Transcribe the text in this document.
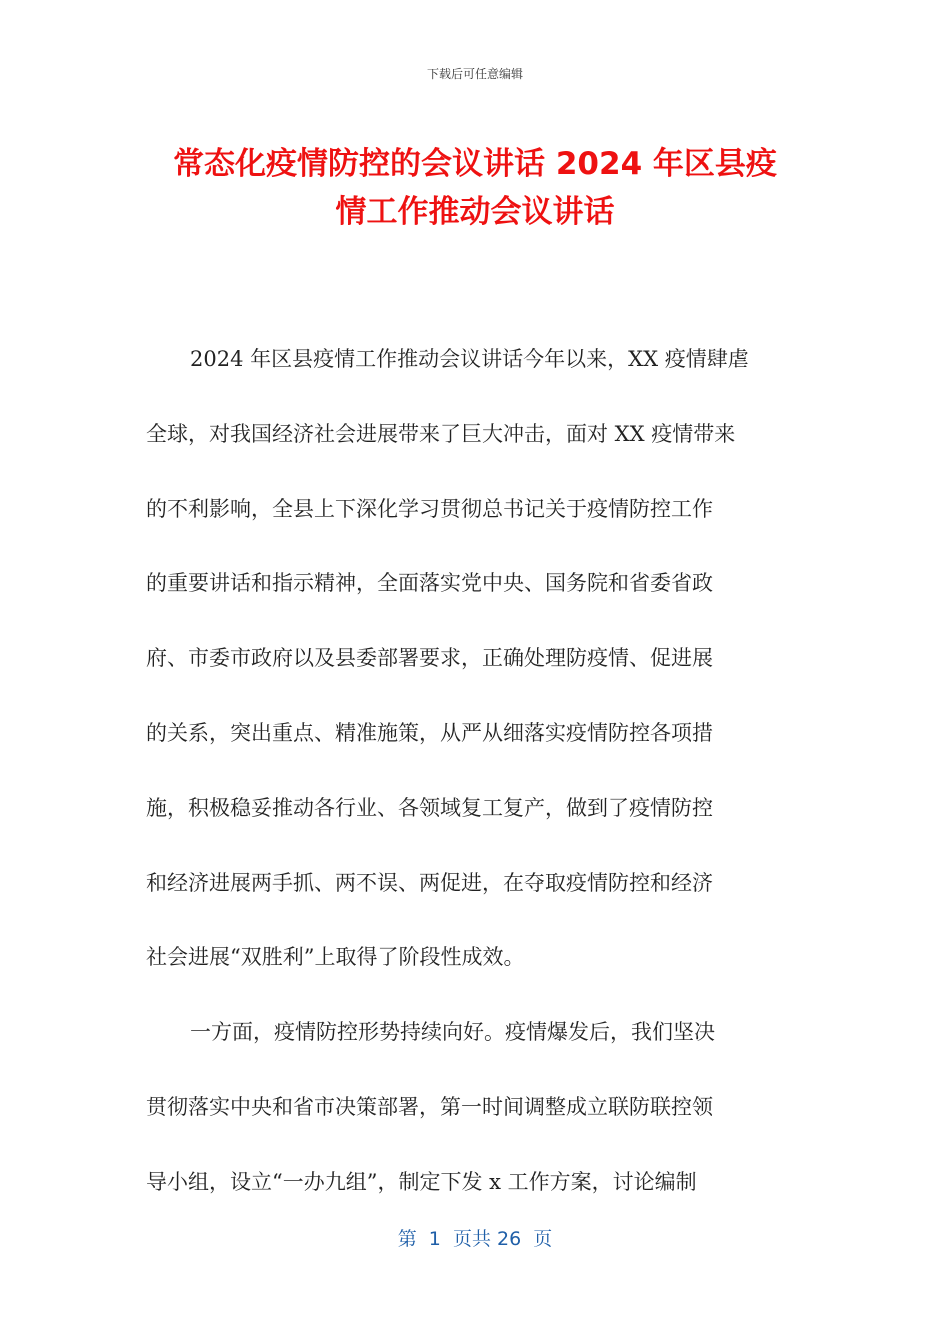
下载后可任意编辑
常态化疫情防控的会议讲话 2024 年区县疫
情工作推动会议讲话
2024 年区县疫情工作推动会议讲话今年以来，XX 疫情肆虐
全球，对我国经济社会进展带来了巨大冲击，面对 XX 疫情带来
的不利影响，全县上下深化学习贯彻总书记关于疫情防控工作
的重要讲话和指示精神，全面落实党中央、国务院和省委省政
府、市委市政府以及县委部署要求，正确处理防疫情、促进展
的关系，突出重点、精准施策，从严从细落实疫情防控各项措
施，积极稳妥推动各行业、各领域复工复产，做到了疫情防控
和经济进展两手抓、两不误、两促进，在夺取疫情防控和经济
社会进展“双胜利”上取得了阶段性成效。
一方面，疫情防控形势持续向好。疫情爆发后，我们坚决
贯彻落实中央和省市决策部署，第一时间调整成立联防联控领
导小组，设立“一办九组”，制定下发 x 工作方案，讨论编制
第  1  页共 26  页
